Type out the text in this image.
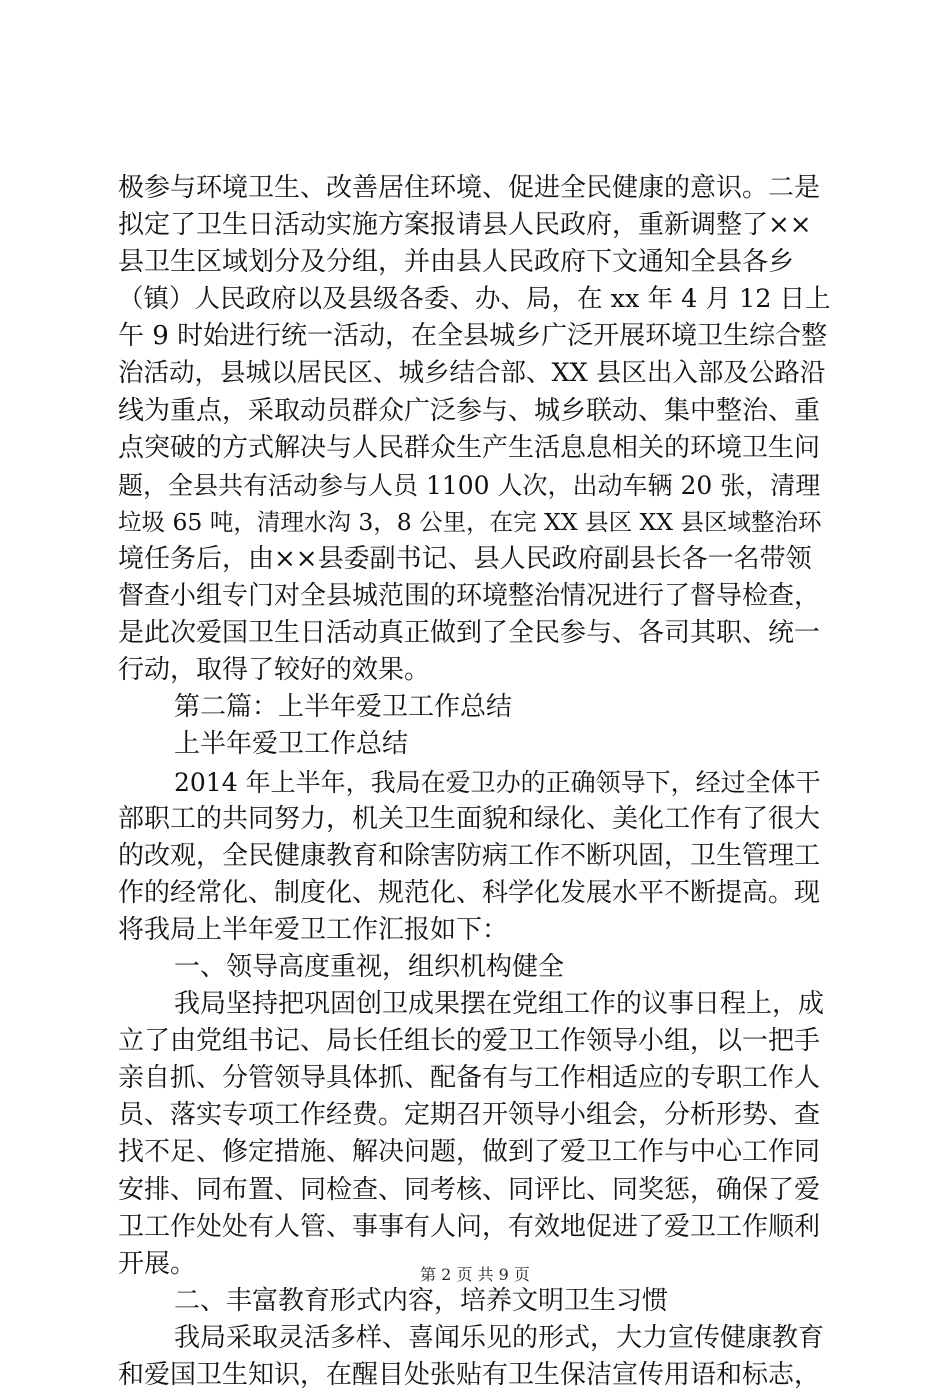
极参与环境卫生、改善居住环境、促进全民健康的意识。二是
拟定了卫生日活动实施方案报请县人民政府，重新调整了××
县卫生区域划分及分组，并由县人民政府下文通知全县各乡
（镇）人民政府以及县级各委、办、局，在 xx 年 4 月 12 日上
午 9 时始进行统一活动，在全县城乡广泛开展环境卫生综合整
治活动，县城以居民区、城乡结合部、XX 县区出入部及公路沿
线为重点，采取动员群众广泛参与、城乡联动、集中整治、重
点突破的方式解决与人民群众生产生活息息相关的环境卫生问
题，全县共有活动参与人员 1100 人次，出动车辆 20 张，清理
垃圾 65 吨，清理水沟 3，8 公里，在完 XX 县区 XX 县区域整治环
境任务后，由××县委副书记、县人民政府副县长各一名带领
督查小组专门对全县城范围的环境整治情况进行了督导检查，
是此次爱国卫生日活动真正做到了全民参与、各司其职、统一
行动，取得了较好的效果。
第二篇：上半年爱卫工作总结
上半年爱卫工作总结
2014 年上半年，我局在爱卫办的正确领导下，经过全体干
部职工的共同努力，机关卫生面貌和绿化、美化工作有了很大
的改观，全民健康教育和除害防病工作不断巩固，卫生管理工
作的经常化、制度化、规范化、科学化发展水平不断提高。现
将我局上半年爱卫工作汇报如下：
一、领导高度重视，组织机构健全
我局坚持把巩固创卫成果摆在党组工作的议事日程上，成
立了由党组书记、局长任组长的爱卫工作领导小组，以一把手
亲自抓、分管领导具体抓、配备有与工作相适应的专职工作人
员、落实专项工作经费。定期召开领导小组会，分析形势、查
找不足、修定措施、解决问题，做到了爱卫工作与中心工作同
安排、同布置、同检查、同考核、同评比、同奖惩，确保了爱
卫工作处处有人管、事事有人问，有效地促进了爱卫工作顺利
开展。
二、丰富教育形式内容，培养文明卫生习惯
我局采取灵活多样、喜闻乐见的形式，大力宣传健康教育
和爱国卫生知识，在醒目处张贴有卫生保洁宣传用语和标志，
第 2 页 共 9 页
